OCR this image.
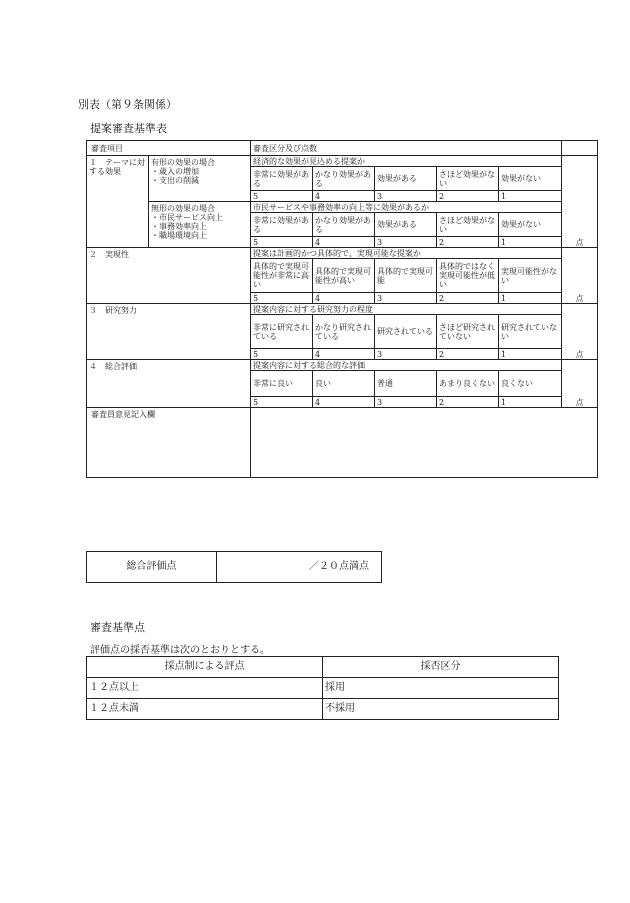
別表（第９条関係）
提案審査基準表
審査項目		審査区分及び点数					
１　テーマに対する効果	有形の効果の場合
・歳入の増加
・支出の削減	経済的な効果が見込める提案か					点
		非常に効果がある	かなり効果がある	効果がある	さほど効果がない	効果がない	
		5	4	3	2	1	

	無形の効果の場合
・市民サービス向上
・事務効率向上
・職場環境向上	市民サービスや事務効率の向上等に効果があるか					
		非常に効果がある	かなり効果がある	効果がある	さほど効果がない	効果がない	
		5	4	3	2	1	
２　実現性		提案は計画的かつ具体的で、実現可能な提案か					点
		具体的で実現可能性が非常に高い	具体的で実現可能性が高い	具体的で実現可能	具体的ではなく実現可能性が低い	実現可能性がない	
		5	4	3	2	1	
３　研究努力		提案内容に対する研究努力の程度					点
		非常に研究されている	かなり研究されている	研究されている	さほど研究されていない	研究されていない	
		5	4	3	2	1	
４　総合評価		提案内容に対する総合的な評価					点
		非常に良い	良い	普通	あまり良くない	良くない	
		5	4	3	2	1	
審査員意見記入欄							
総合評価点	／２０点満点
審査基準点
評価点の採否基準は次のとおりとする。
採点制による評点	採否区分
１２点以上	採用
１２点未満	不採用
